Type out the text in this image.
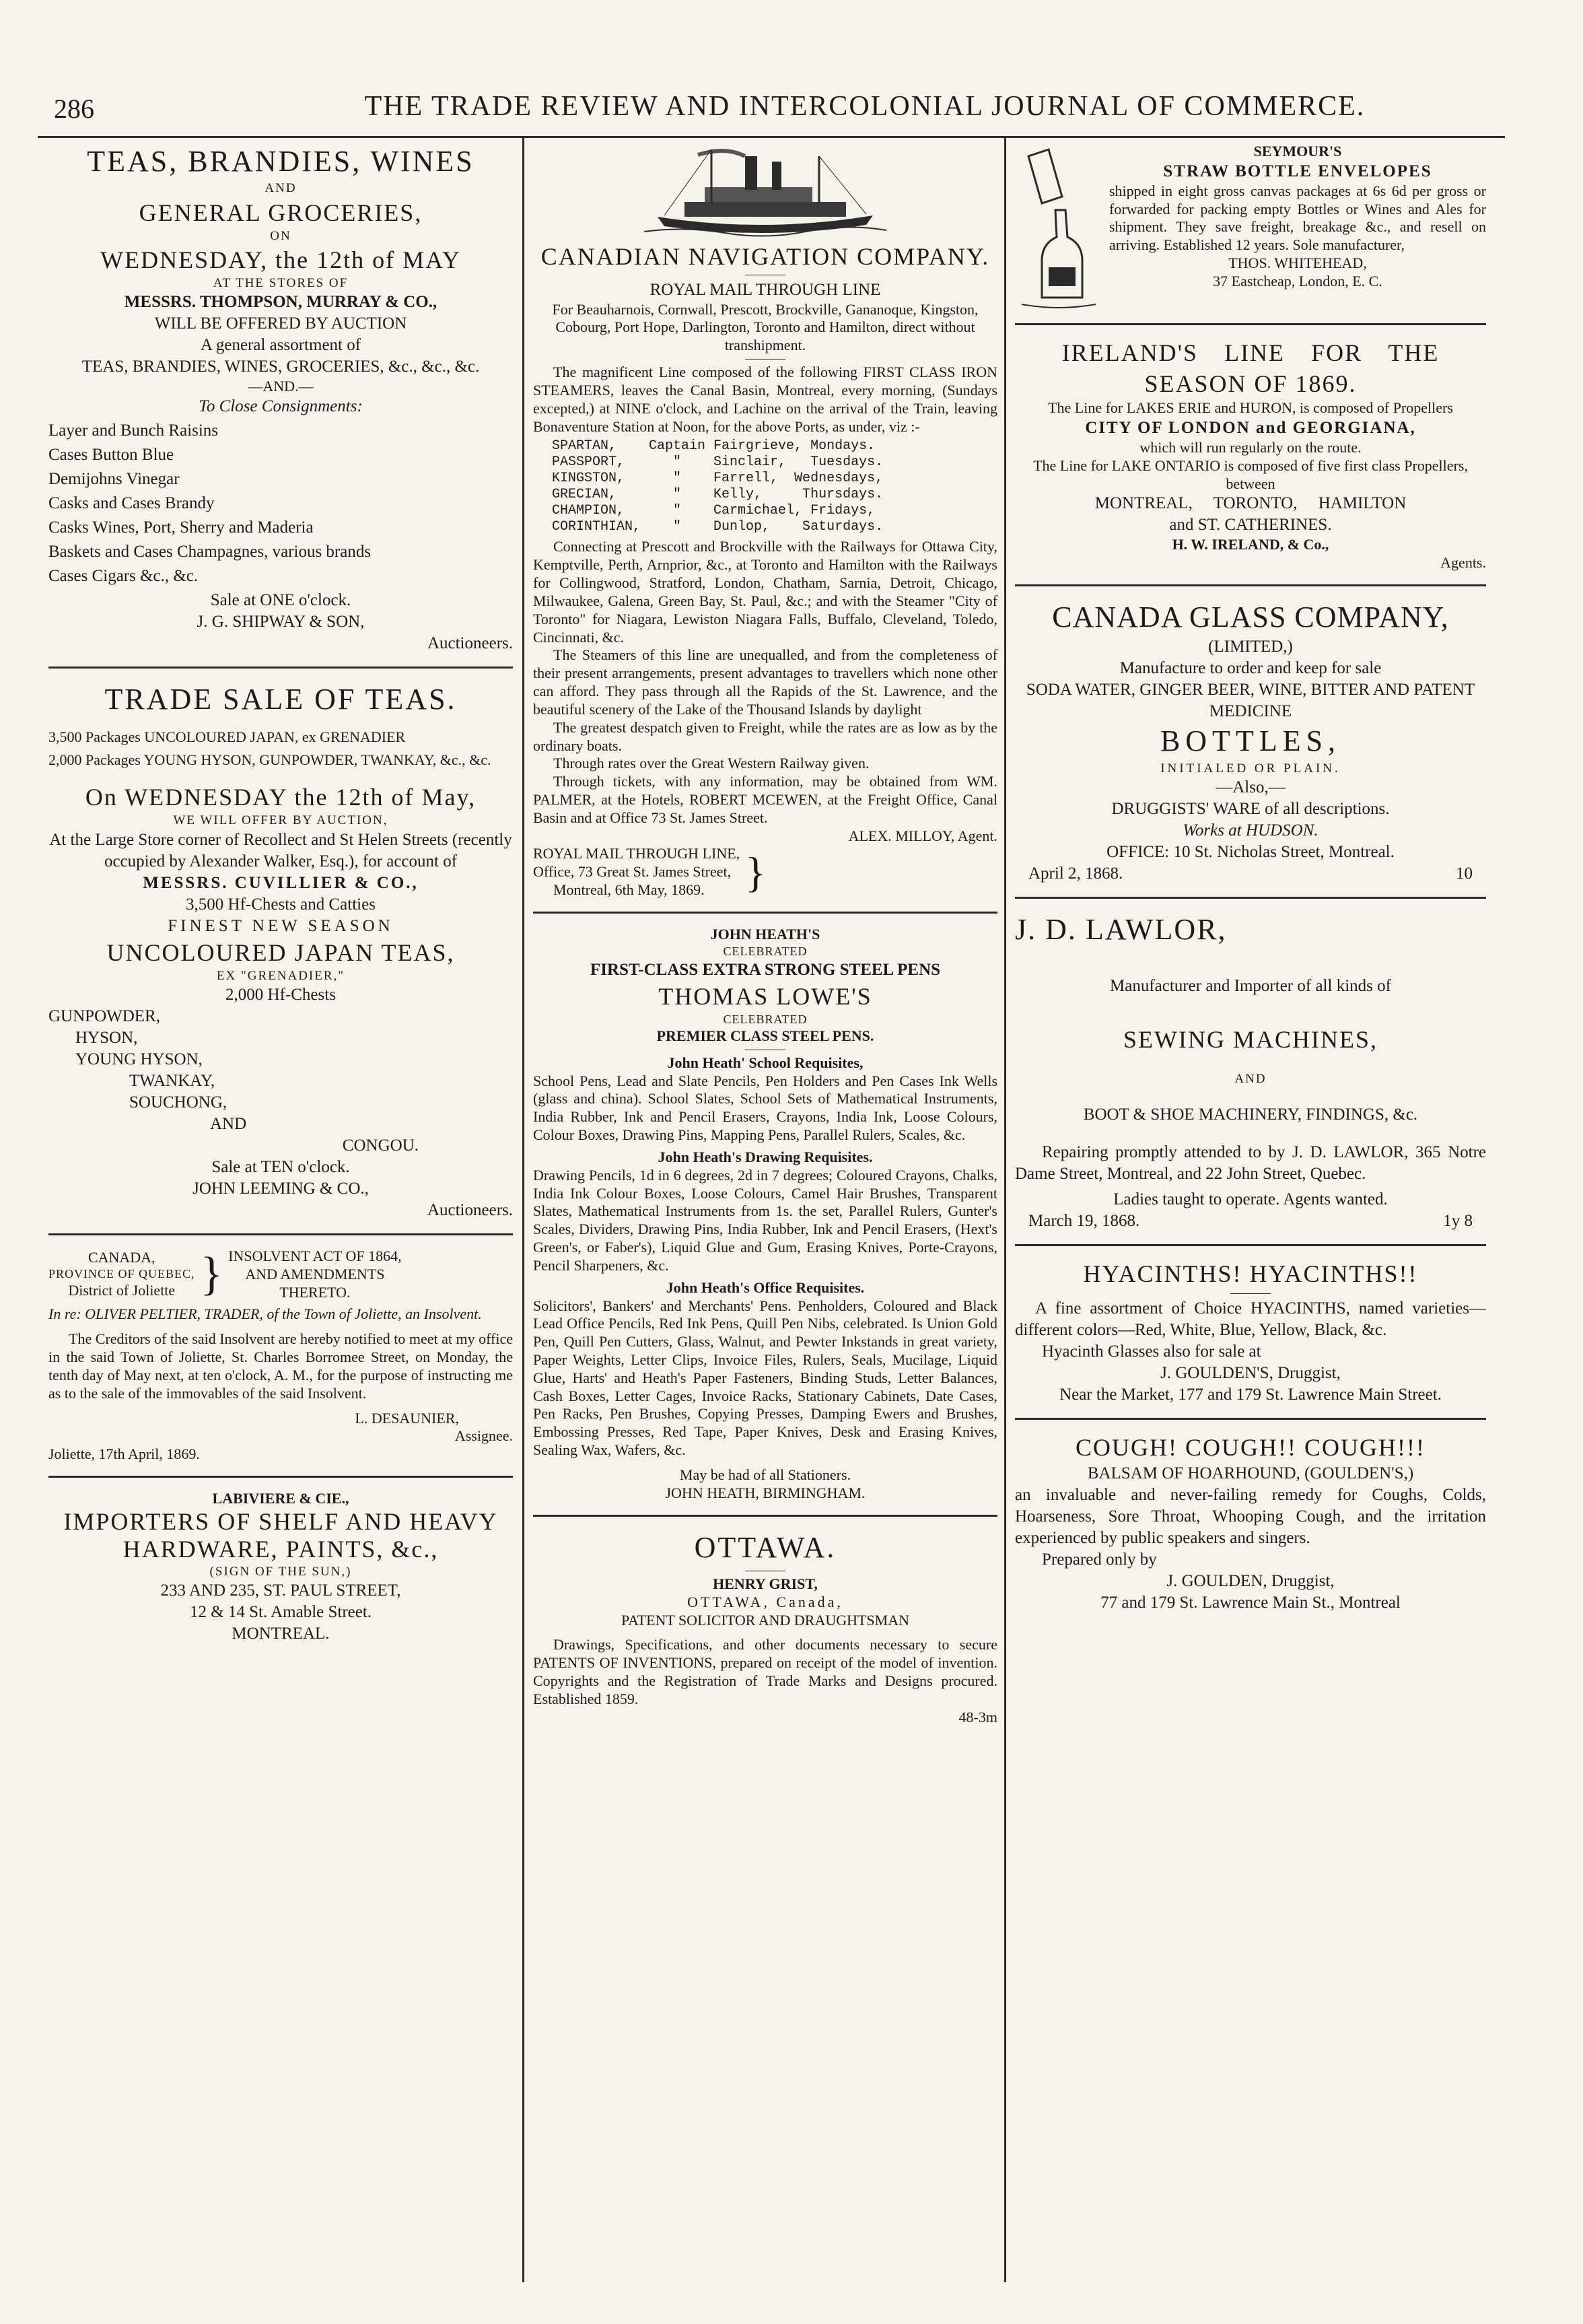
286	THE TRADE REVIEW AND INTERCOLONIAL JOURNAL OF COMMERCE.

TEAS, BRANDIES, WINES

AND

GENERAL GROCERIES,

ON

WEDNESDAY, the 12th of MAY

AT THE STORES OF

MESSRS. THOMPSON, MURRAY & CO.,

WILL BE OFFERED BY AUCTION

A general assortment of

TEAS, BRANDIES, WINES, GROCERIES, &c., &c., &c.

—AND.—

To Close Consignments:

Layer and Bunch Raisins

Cases Button Blue

Demijohns Vinegar

Casks and Cases Brandy

Casks Wines, Port, Sherry and Maderia

Baskets and Cases Champagnes, various brands

Cases Cigars &c., &c.

Sale at ONE o'clock.

J. G. SHIPWAY & SON,

Auctioneers.

TRADE SALE OF TEAS.

3,500 Packages UNCOLOURED JAPAN, ex GRENADIER

2,000 Packages YOUNG HYSON, GUNPOWDER, TWANKAY, &c., &c.

On WEDNESDAY the 12th of May,

WE WILL OFFER BY AUCTION,

At the Large Store corner of Recollect and St Helen Streets (recently occupied by Alexander Walker, Esq.), for account of

MESSRS. CUVILLIER & CO.,

3,500 Hf-Chests and Catties

FINEST NEW SEASON

UNCOLOURED JAPAN TEAS,

EX "GRENADIER,"

2,000 Hf-Chests

GUNPOWDER,

HYSON,

YOUNG HYSON,

TWANKAY,

SOUCHONG,

AND

CONGOU.

Sale at TEN o'clock.

JOHN LEEMING & CO.,

Auctioneers.

CANADA,

PROVINCE OF QUEBEC,

District of Joliette } INSOLVENT ACT OF 1864,

AND AMENDMENTS

THERETO.

In re: OLIVER PELTIER, TRADER, of the Town of Joliette, an Insolvent.

The Creditors of the said Insolvent are hereby notified to meet at my office in the said Town of Joliette, St. Charles Borromee Street, on Monday, the tenth day of May next, at ten o'clock, A. M., for the purpose of instructing me as to the sale of the immovables of the said Insolvent.

L. DESAUNIER,

Assignee.

Joliette, 17th April, 1869.

LABIVIERE & CIE.,

IMPORTERS OF SHELF AND HEAVY HARDWARE, PAINTS, &c.,

(SIGN OF THE SUN,)

233 AND 235, ST. PAUL STREET,

12 & 14 St. Amable Street.

MONTREAL.

CANADIAN NAVIGATION COMPANY.

ROYAL MAIL THROUGH LINE

For Beauharnois, Cornwall, Prescott, Brockville, Gananoque, Kingston, Cobourg, Port Hope, Darlington, Toronto and Hamilton, direct without transhipment.

The magnificent Line composed of the following FIRST CLASS IRON STEAMERS, leaves the Canal Basin, Montreal, every morning, (Sundays excepted,) at NINE o'clock, and Lachine on the arrival of the Train, leaving Bonaventure Station at Noon, for the above Ports, as under, viz :-

SPARTAN,    Captain Fairgrieve, Mondays.

PASSPORT,      "    Sinclair,   Tuesdays.

KINGSTON,      "    Farrell,  Wednesdays,

GRECIAN,       "    Kelly,     Thursdays.

CHAMPION,      "    Carmichael, Fridays,

CORINTHIAN,    "    Dunlop,    Saturdays.

Connecting at Prescott and Brockville with the Railways for Ottawa City, Kemptville, Perth, Arnprior, &c., at Toronto and Hamilton with the Railways for Collingwood, Stratford, London, Chatham, Sarnia, Detroit, Chicago, Milwaukee, Galena, Green Bay, St. Paul, &c.; and with the Steamer "City of Toronto" for Niagara, Lewiston Niagara Falls, Buffalo, Cleveland, Toledo, Cincinnati, &c.

The Steamers of this line are unequalled, and from the completeness of their present arrangements, present advantages to travellers which none other can afford. They pass through all the Rapids of the St. Lawrence, and the beautiful scenery of the Lake of the Thousand Islands by daylight

The greatest despatch given to Freight, while the rates are as low as by the ordinary boats.

Through rates over the Great Western Railway given.

Through tickets, with any information, may be obtained from WM. PALMER, at the Hotels, ROBERT MCEWEN, at the Freight Office, Canal Basin and at Office 73 St. James Street.

ALEX. MILLOY, Agent.

ROYAL MAIL THROUGH LINE,

Office, 73 Great St. James Street,

Montreal, 6th May, 1869. }

JOHN HEATH'S

CELEBRATED

FIRST-CLASS EXTRA STRONG STEEL PENS

THOMAS LOWE'S

CELEBRATED

PREMIER CLASS STEEL PENS.

John Heath' School Requisites,

School Pens, Lead and Slate Pencils, Pen Holders and Pen Cases Ink Wells (glass and china). School Slates, School Sets of Mathematical Instruments, India Rubber, Ink and Pencil Erasers, Crayons, India Ink, Loose Colours, Colour Boxes, Drawing Pins, Mapping Pens, Parallel Rulers, Scales, &c.

John Heath's Drawing Requisites.

Drawing Pencils, 1d in 6 degrees, 2d in 7 degrees; Coloured Crayons, Chalks, India Ink Colour Boxes, Loose Colours, Camel Hair Brushes, Transparent Slates, Mathematical Instruments from 1s. the set, Parallel Rulers, Gunter's Scales, Dividers, Drawing Pins, India Rubber, Ink and Pencil Erasers, (Hext's Green's, or Faber's), Liquid Glue and Gum, Erasing Knives, Porte-Crayons, Pencil Sharpeners, &c.

John Heath's Office Requisites.

Solicitors', Bankers' and Merchants' Pens. Penholders, Coloured and Black Lead Office Pencils, Red Ink Pens, Quill Pen Nibs, celebrated. Is Union Gold Pen, Quill Pen Cutters, Glass, Walnut, and Pewter Inkstands in great variety, Paper Weights, Letter Clips, Invoice Files, Rulers, Seals, Mucilage, Liquid Glue, Harts' and Heath's Paper Fasteners, Binding Studs, Letter Balances, Cash Boxes, Letter Cages, Invoice Racks, Stationary Cabinets, Date Cases, Pen Racks, Pen Brushes, Copying Presses, Damping Ewers and Brushes, Embossing Presses, Red Tape, Paper Knives, Desk and Erasing Knives, Sealing Wax, Wafers, &c.

May be had of all Stationers.

JOHN HEATH, BIRMINGHAM.

OTTAWA.

HENRY GRIST,

OTTAWA, Canada,

PATENT SOLICITOR AND DRAUGHTSMAN

Drawings, Specifications, and other documents necessary to secure PATENTS OF INVENTIONS, prepared on receipt of the model of invention. Copyrights and the Registration of Trade Marks and Designs procured. Established 1859.

48-3m

SEYMOUR'S

STRAW BOTTLE ENVELOPES

shipped in eight gross canvas packages at 6s 6d per gross or forwarded for packing empty Bottles or Wines and Ales for shipment. They save freight, breakage &c., and resell on arriving. Established 12 years. Sole manufacturer,

THOS. WHITEHEAD,

37 Eastcheap, London, E. C.

IRELAND'S LINE FOR THE

SEASON OF 1869.

The Line for LAKES ERIE and HURON, is composed of Propellers

CITY OF LONDON and GEORGIANA,

which will run regularly on the route.

The Line for LAKE ONTARIO is composed of five first class Propellers, between

MONTREAL,     TORONTO,     HAMILTON

and ST. CATHERINES.

H. W. IRELAND, & Co.,

Agents.

CANADA GLASS COMPANY,

(LIMITED,)

Manufacture to order and keep for sale

SODA WATER, GINGER BEER, WINE, BITTER AND PATENT MEDICINE

BOTTLES,

INITIALED OR PLAIN.

—Also,—

DRUGGISTS' WARE of all descriptions.

Works at HUDSON.

OFFICE: 10 St. Nicholas Street, Montreal.

April 2, 1868.	10

J. D. LAWLOR,

Manufacturer and Importer of all kinds of

SEWING MACHINES,

AND

BOOT & SHOE MACHINERY, FINDINGS, &c.

Repairing promptly attended to by J. D. LAWLOR, 365 Notre Dame Street, Montreal, and 22 John Street, Quebec.

Ladies taught to operate. Agents wanted.

March 19, 1868.	1y 8

HYACINTHS! HYACINTHS!!

A fine assortment of Choice HYACINTHS, named varieties—different colors—Red, White, Blue, Yellow, Black, &c.

Hyacinth Glasses also for sale at

J. GOULDEN'S, Druggist,

Near the Market, 177 and 179 St. Lawrence Main Street.

COUGH! COUGH!! COUGH!!!

BALSAM OF HOARHOUND, (GOULDEN'S,)

an invaluable and never-failing remedy for Coughs, Colds, Hoarseness, Sore Throat, Whooping Cough, and the irritation experienced by public speakers and singers.

Prepared only by

J. GOULDEN, Druggist,

77 and 179 St. Lawrence Main St., Montreal
